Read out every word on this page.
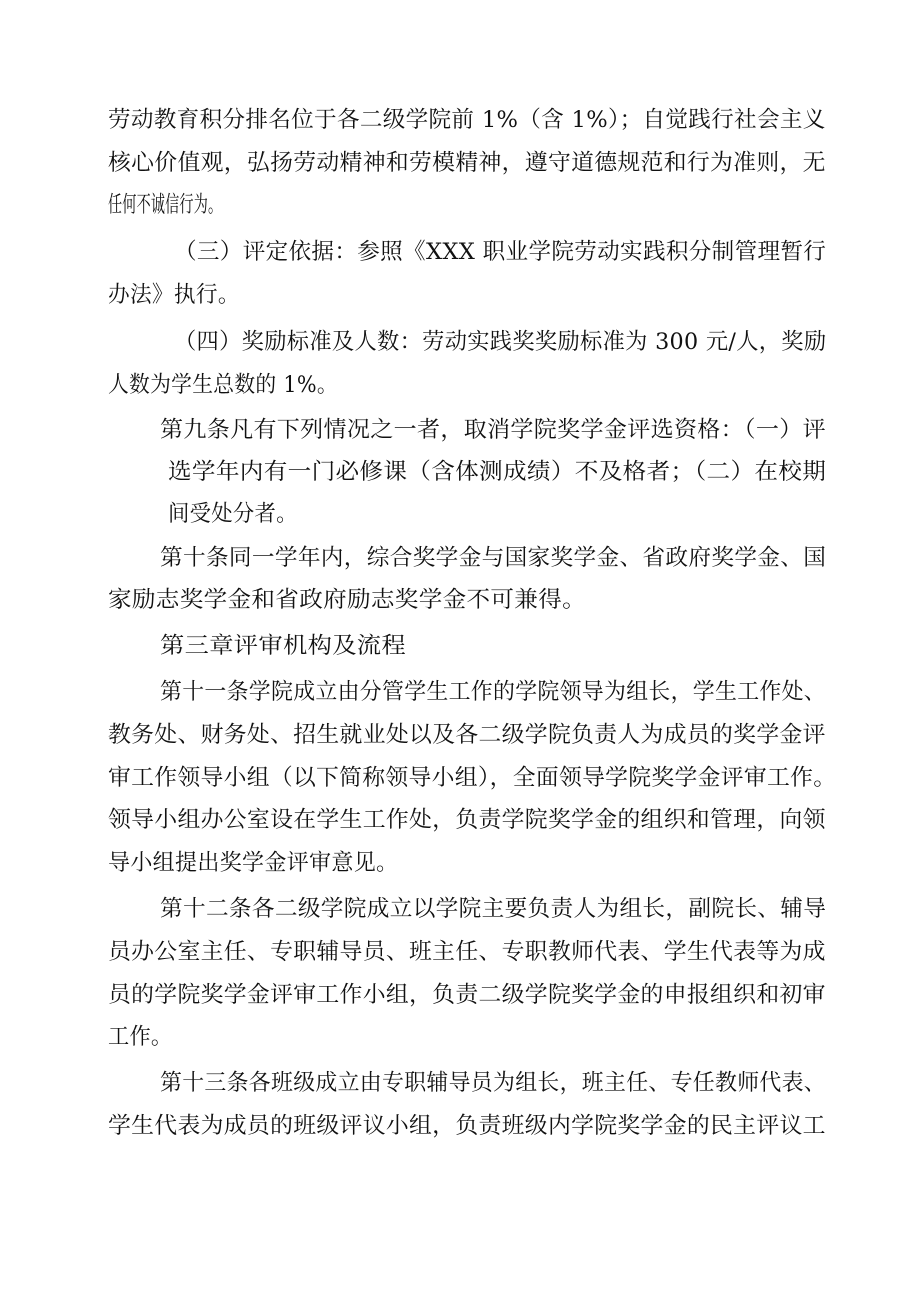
劳动教育积分排名位于各二级学院前 1%（含 1%）；自觉践行社会主义
核心价值观，弘扬劳动精神和劳模精神，遵守道德规范和行为准则，无
任何不诚信行为。
（三）评定依据：参照《XXX 职业学院劳动实践积分制管理暂行
办法》执行。
（四）奖励标准及人数：劳动实践奖奖励标准为 300 元/人，奖励
人数为学生总数的 1%。
第九条凡有下列情况之一者，取消学院奖学金评选资格：（一）评
选学年内有一门必修课（含体测成绩）不及格者；（二）在校期
间受处分者。
第十条同一学年内，综合奖学金与国家奖学金、省政府奖学金、国
家励志奖学金和省政府励志奖学金不可兼得。
第三章评审机构及流程
第十一条学院成立由分管学生工作的学院领导为组长，学生工作处、
教务处、财务处、招生就业处以及各二级学院负责人为成员的奖学金评
审工作领导小组（以下简称领导小组），全面领导学院奖学金评审工作。
领导小组办公室设在学生工作处，负责学院奖学金的组织和管理，向领
导小组提出奖学金评审意见。
第十二条各二级学院成立以学院主要负责人为组长，副院长、辅导
员办公室主任、专职辅导员、班主任、专职教师代表、学生代表等为成
员的学院奖学金评审工作小组，负责二级学院奖学金的申报组织和初审
工作。
第十三条各班级成立由专职辅导员为组长，班主任、专任教师代表、
学生代表为成员的班级评议小组，负责班级内学院奖学金的民主评议工
